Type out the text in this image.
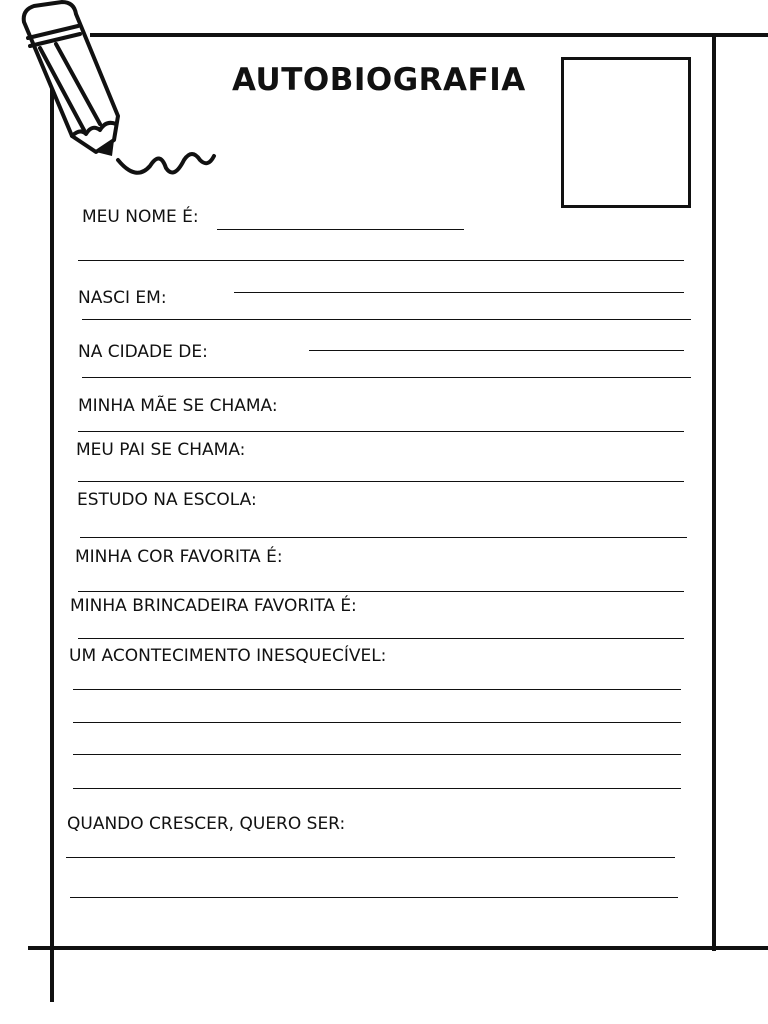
AUTOBIOGRAFIA
MEU NOME É:
NASCI EM:
NA CIDADE DE:
MINHA MÃE SE CHAMA:
MEU PAI SE CHAMA:
ESTUDO NA ESCOLA:
MINHA COR FAVORITA É:
MINHA BRINCADEIRA FAVORITA É:
UM ACONTECIMENTO INESQUECÍVEL:
QUANDO CRESCER, QUERO SER:
